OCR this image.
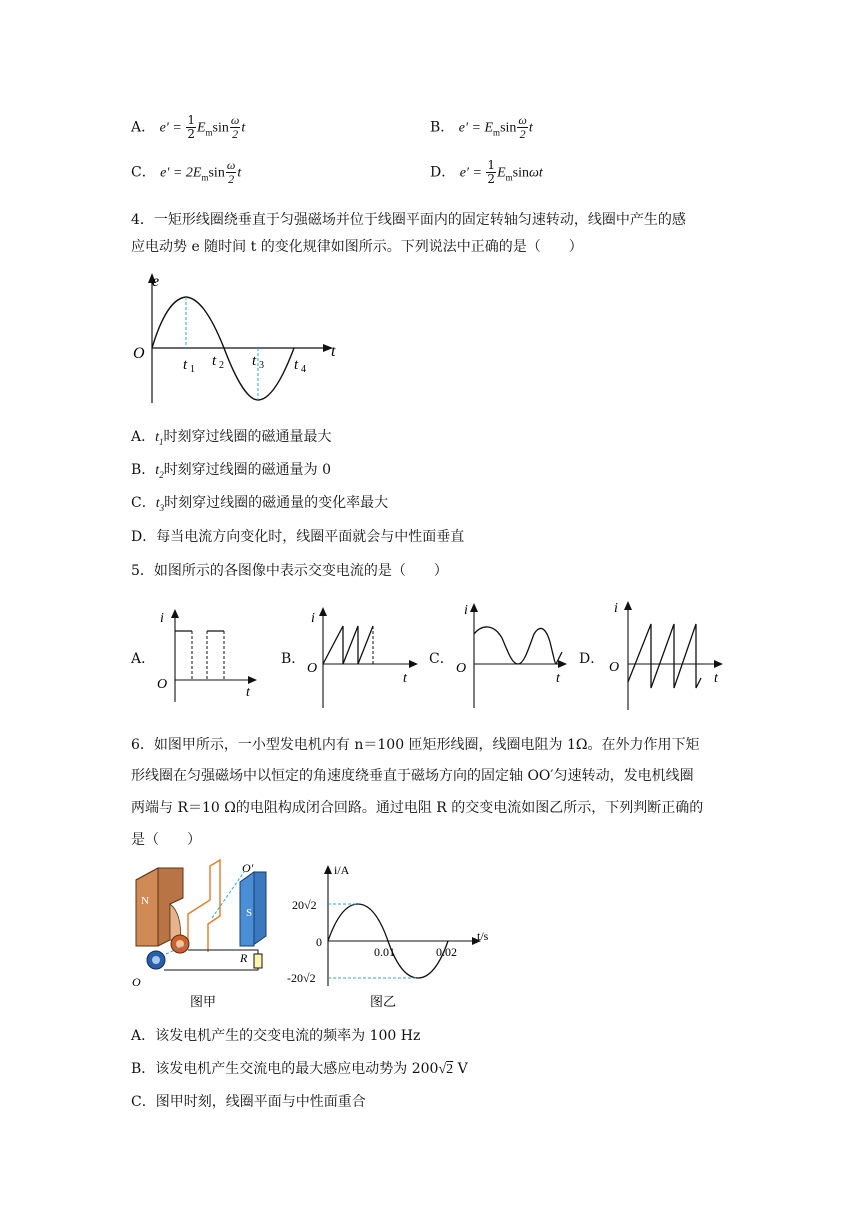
A． $e' = \frac{1}{2} E_m\sin \frac{\omega}{2}$ t	B． $e' = E_m\sin \frac{\omega}{2}$ t
C． $e' = 2E_m\sin \frac{\omega}{2}$ t	D． $e' = \frac{1}{2} E_m\sin\omega t$
4．一矩形线圈绕垂直于匀强磁场并位于线圈平面内的固定转轴匀速转动，线圈中产生的感
应电动势 e 随时间 t 的变化规律如图所示。下列说法中正确的是（　　）
e
t
O
t 1
t 2 t 3 t 4
A．$t_1$时刻穿过线圈的磁通量最大
B．$t_2$时刻穿过线圈的磁通量为 0
C．$t_3$时刻穿过线圈的磁通量的变化率最大
D．每当电流方向变化时，线圈平面就会与中性面垂直
5．如图所示的各图像中表示交变电流的是（　　）
A．
i
O
t
B．
i
O
t
C．
i
O
t
D．
i
O
t
6．如图甲所示，一小型发电机内有 n＝100 匝矩形线圈，线圈电阻为 1Ω。在外力作用下矩
形线圈在匀强磁场中以恒定的角速度绕垂直于磁场方向的固定轴 OO′匀速转动，发电机线圈
两端与 R＝10 Ω的电阻构成闭合回路。通过电阻 R 的交变电流如图乙所示，下列判断正确的
是（　　）
N
S
O′
R
O
图甲
i/A
t/s
20√2
-20√2
0
0.01	0.02
图乙
A．该发电机产生的交变电流的频率为 100 Hz
B．该发电机产生交流电的最大感应电动势为 200√2 V
C．图甲时刻，线圈平面与中性面重合
